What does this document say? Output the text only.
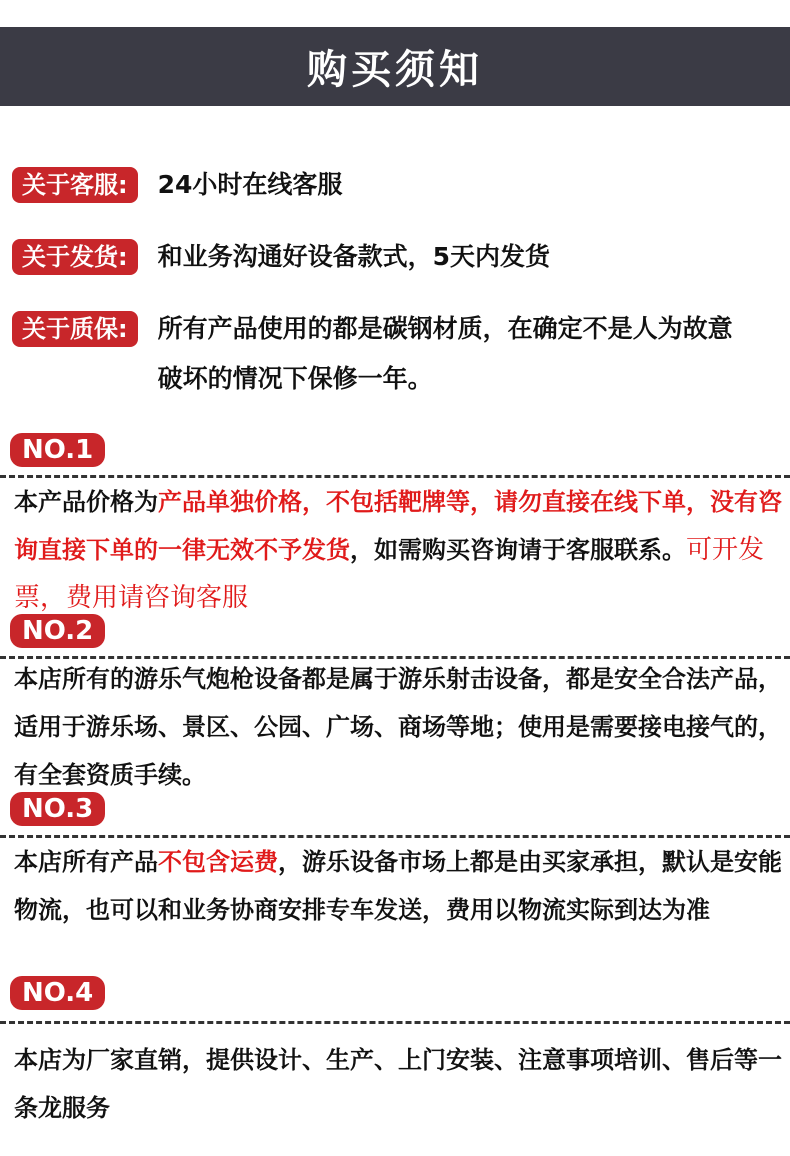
购买须知
关于客服:	24小时在线客服
关于发货:	和业务沟通好设备款式，5天内发货
关于质保:	所有产品使用的都是碳钢材质，在确定不是人为故意破坏的情况下保修一年。
NO.1
本产品价格为产品单独价格，不包括靶牌等，请勿直接在线下单，没有咨询直接下单的一律无效不予发货，如需购买咨询请于客服联系。可开发票，费用请咨询客服
NO.2
本店所有的游乐气炮枪设备都是属于游乐射击设备，都是安全合法产品，适用于游乐场、景区、公园、广场、商场等地；使用是需要接电接气的，有全套资质手续。
NO.3
本店所有产品不包含运费，游乐设备市场上都是由买家承担，默认是安能物流，也可以和业务协商安排专车发送，费用以物流实际到达为准
NO.4
本店为厂家直销，提供设计、生产、上门安装、注意事项培训、售后等一条龙服务
